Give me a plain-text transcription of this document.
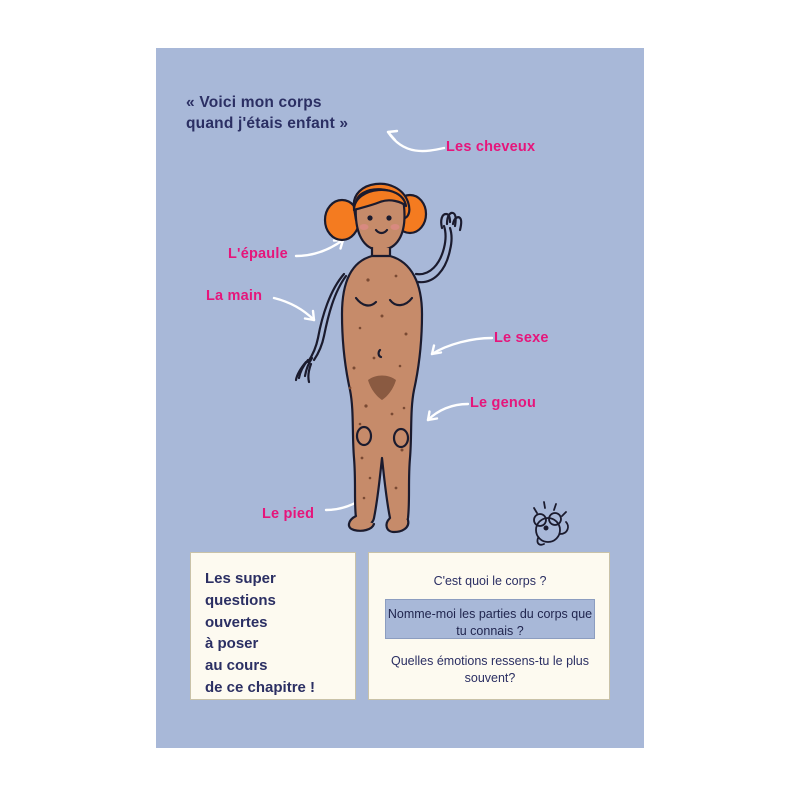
« Voici mon corps
quand j'étais enfant »
Les cheveux
L'épaule
La main
Le sexe
Le genou
Le pied
Les super
questions
ouvertes
à poser
au cours
de ce chapitre !
C'est quoi le corps ?
Nomme-moi les parties du corps que tu connais ?
Quelles émotions ressens-tu le plus souvent?
